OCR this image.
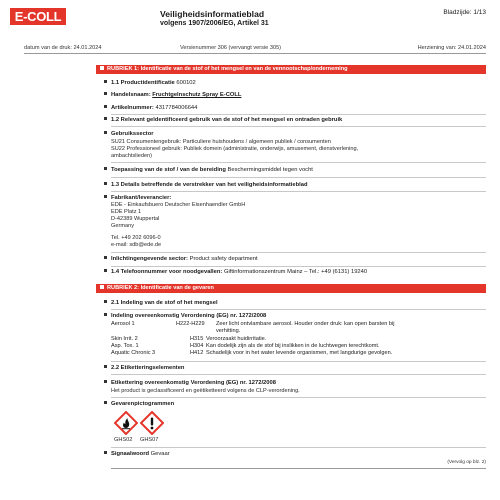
E-COLL	Veiligheidsinformatieblad
volgens 1907/2006/EG, Artikel 31
Bladzijde: 1/13
datum van de druk: 24.01.2024	Versienummer 306 (vervangt versie 305)	Herziening van: 24.01.2024
RUBRIEK 1: Identificatie van de stof of het mengsel en van de vennootschap/onderneming
1.1 Productidentificatie 600102
Handelsnaam: Fruchtgelnschutz Spray E-COLL
Artikelnummer: 4317784006644
1.2 Relevant geïdentificeerd gebruik van de stof of het mengsel en ontraden gebruik
Gebruikssector
SU21 Consumentengebruik: Particuliere huishoudens / algemeen publiek / consumenten
SU22 Professioneel gebruik: Publiek domein (administratie, onderwijs, amusement, dienstverlening,
ambachtslieden)
Toepassing van de stof / van de bereiding Beschermingsmiddel tegen vocht
1.3 Details betreffende de verstrekker van het veiligheidsinformatieblad
Fabrikant/leverancier:
EDE - Einkaufsbuero Deutscher Eisenhaendler GmbH
EDE Platz 1
D-42389 Wuppertal
Germany
Tel. +49 202 6096-0
e-mail: sdb@ede.de
Inlichtingengevende sector: Product safety department
1.4 Telefoonnummer voor noodgevallen: Giftinformationszentrum Mainz – Tel.: +49 (6131) 19240
RUBRIEK 2: Identificatie van de gevaren
2.1 Indeling van de stof of het mengsel
Indeling overeenkomstig Verordening (EG) nr. 1272/2008
Aerosol 1	H222-H229 Zeer licht ontvlambare aerosol. Houder onder druk: kan open barsten bij
verhitting.
Skin Irrit. 2	H315 Veroorzaakt huidirritatie.
Asp. Tox. 1	H304 Kan dodelijk zijn als de stof bij inslikken in de luchtwegen terechtkomt.
Aquatic Chronic 3	H412 Schadelijk voor in het water levende organismen, met langdurige gevolgen.
2.2 Etiketteringselementen
Etikettering overeenkomstig Verordening (EG) nr. 1272/2008
Het product is geclassificeerd en geëtiketteerd volgens de CLP-verordening.
Gevarenpictogrammen
GHS02 GHS07
Signaalwoord Gevaar
(Vervolg op blz. 2)
